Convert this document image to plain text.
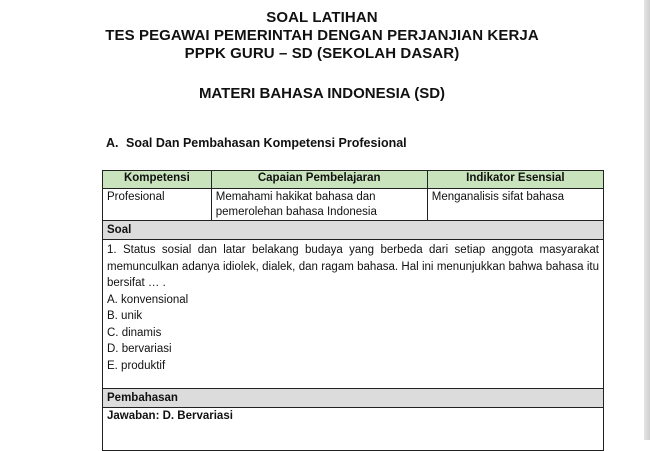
SOAL LATIHAN
TES PEGAWAI PEMERINTAH DENGAN PERJANJIAN KERJA
PPPK GURU – SD (SEKOLAH DASAR)
MATERI BAHASA INDONESIA (SD)
A. Soal Dan Pembahasan Kompetensi Profesional
Kompetensi	Capaian Pembelajaran	Indikator Esensial
Profesional	Memahami hakikat bahasa dan pemerolehan bahasa Indonesia	Menganalisis sifat bahasa
Soal
1. Status sosial dan latar belakang budaya yang berbeda dari setiap anggota masyarakat memunculkan adanya idiolek, dialek, dan ragam bahasa. Hal ini menunjukkan bahwa bahasa itu bersifat … .
A. konvensional
B. unik
C. dinamis
D. bervariasi
E. produktif
Pembahasan
Jawaban: D. Bervariasi
